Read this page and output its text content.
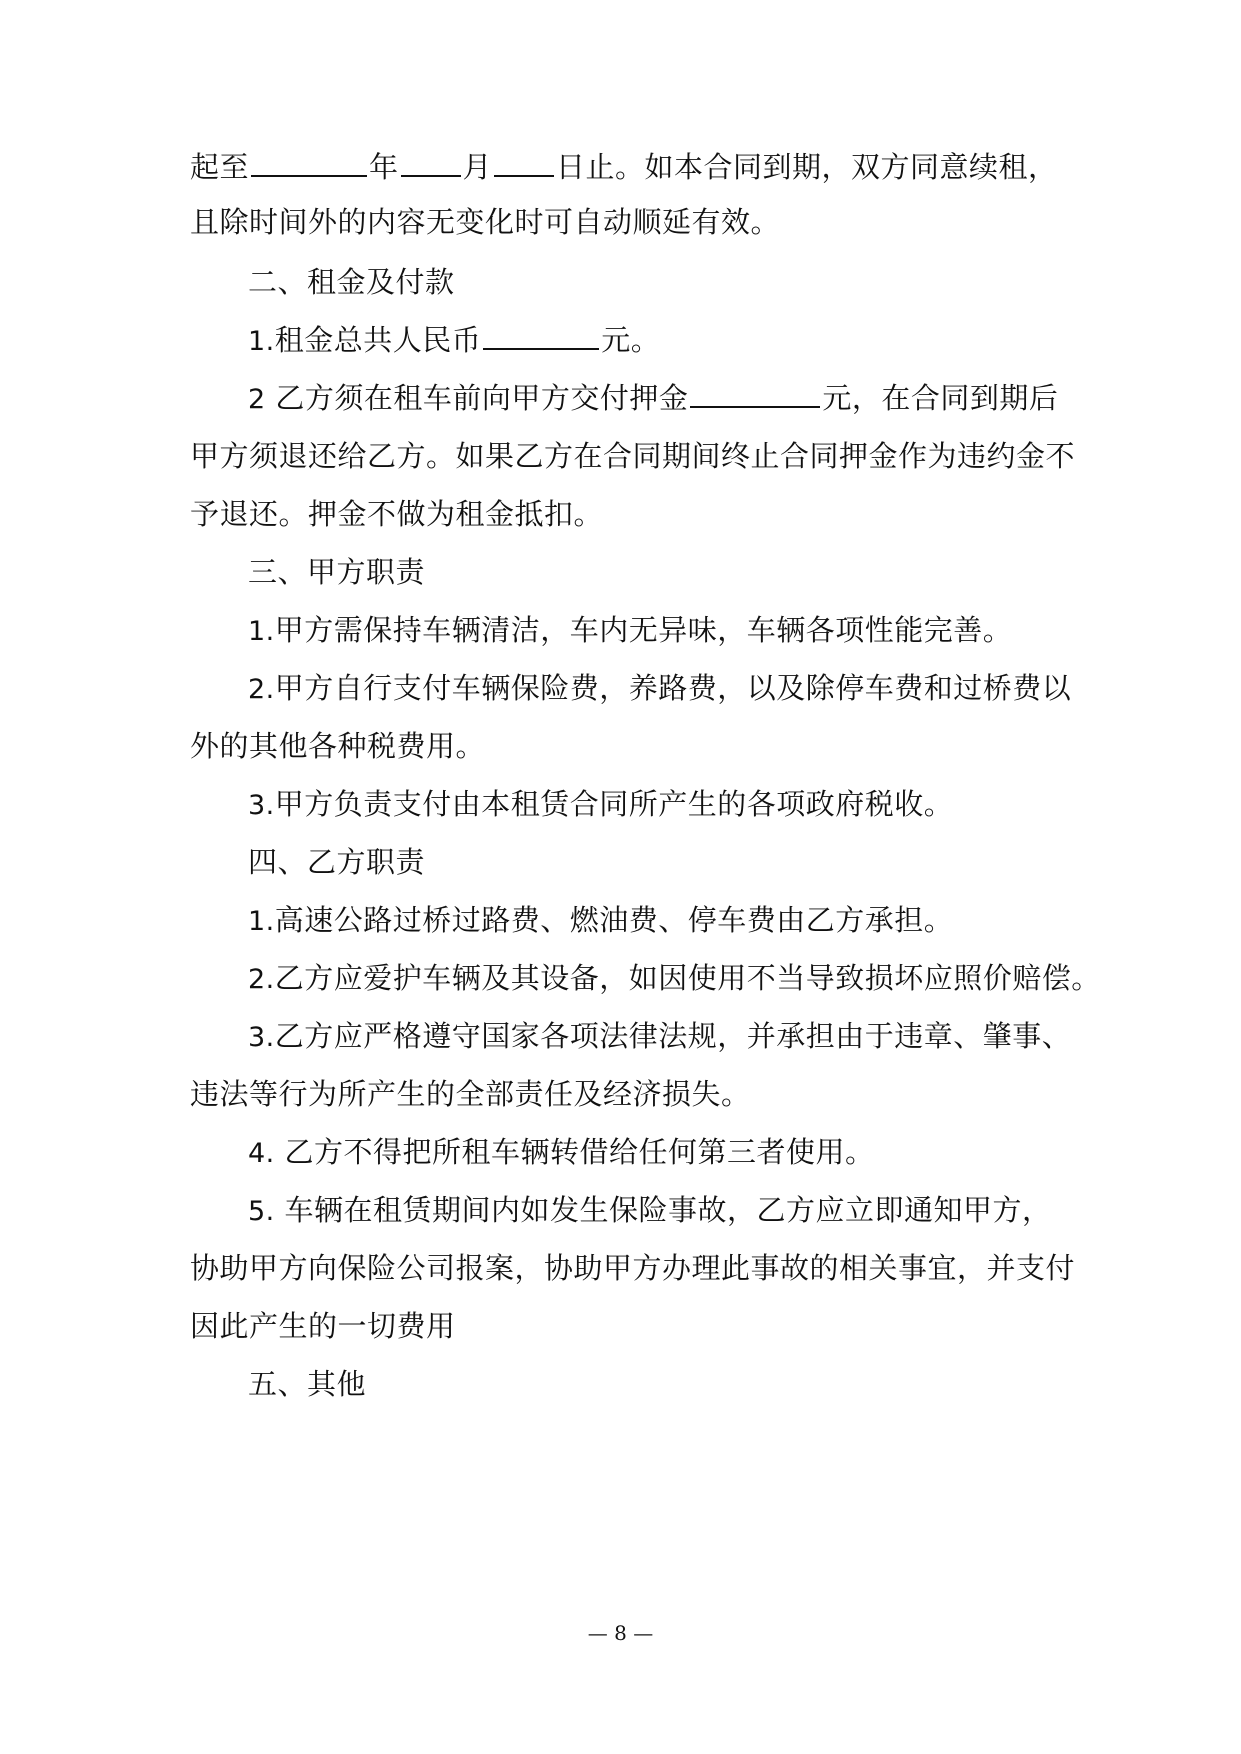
起至	年 月 日止。如本合同到期，双方同意续租，
且除时间外的内容无变化时可自动顺延有效。
二、租金及付款
1.租金总共人民币	元。
2 乙方须在租车前向甲方交付押金	元，在合同到期后
甲方须退还给乙方。如果乙方在合同期间终止合同押金作为违约金不
予退还。押金不做为租金抵扣。
三、甲方职责
1.甲方需保持车辆清洁，车内无异味，车辆各项性能完善。
2.甲方自行支付车辆保险费，养路费，以及除停车费和过桥费以
外的其他各种税费用。
3.甲方负责支付由本租赁合同所产生的各项政府税收。
四、乙方职责
1.高速公路过桥过路费、燃油费、停车费由乙方承担。
2.乙方应爱护车辆及其设备，如因使用不当导致损坏应照价赔偿。
3.乙方应严格遵守国家各项法律法规，并承担由于违章、肇事、
违法等行为所产生的全部责任及经济损失。
4. 乙方不得把所租车辆转借给任何第三者使用。
5. 车辆在租赁期间内如发生保险事故，乙方应立即通知甲方，
协助甲方向保险公司报案，协助甲方办理此事故的相关事宜，并支付
因此产生的一切费用
五、其他
— 8 —
